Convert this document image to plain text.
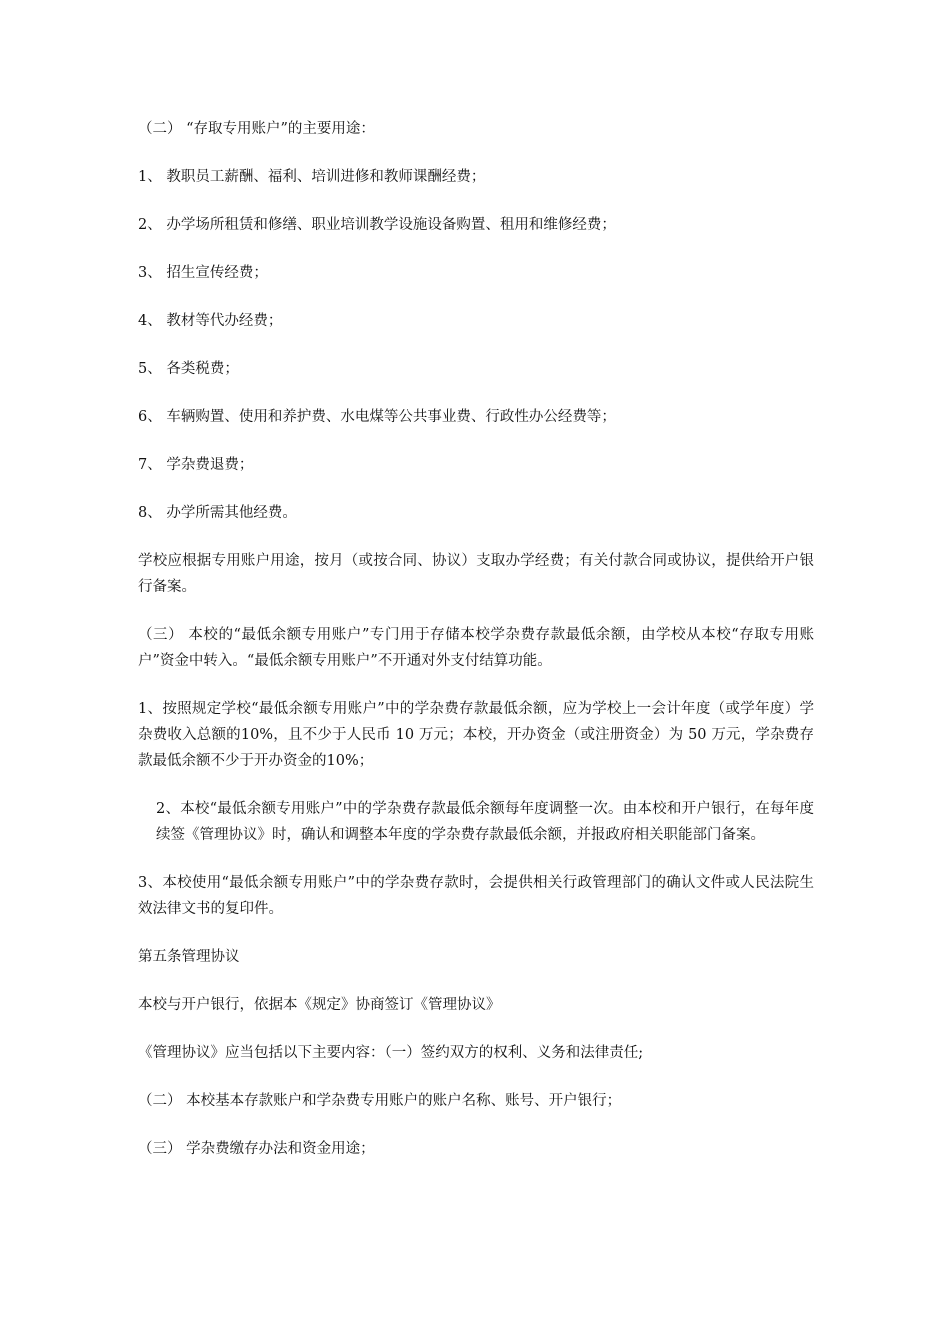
（二） “存取专用账户”的主要用途：

1、 教职员工薪酬、福利、培训进修和教师课酬经费；

2、 办学场所租赁和修缮、职业培训教学设施设备购置、租用和维修经费；

3、 招生宣传经费；

4、 教材等代办经费；

5、 各类税费；

6、 车辆购置、使用和养护费、水电煤等公共事业费、行政性办公经费等；

7、 学杂费退费；

8、 办学所需其他经费。

学校应根据专用账户用途，按月（或按合同、协议）支取办学经费；有关付款合同或协议，提供给开户银行备案。

（三） 本校的“最低余额专用账户”专门用于存储本校学杂费存款最低余额，由学校从本校“存取专用账户”资金中转入。“最低余额专用账户”不开通对外支付结算功能。

1、按照规定学校“最低余额专用账户”中的学杂费存款最低余额，应为学校上一会计年度（或学年度）学杂费收入总额的10%，且不少于人民币 10 万元；本校，开办资金（或注册资金）为 50 万元，学杂费存款最低余额不少于开办资金的10%；

2、本校“最低余额专用账户”中的学杂费存款最低余额每年度调整一次。由本校和开户银行，在每年度续签《管理协议》时，确认和调整本年度的学杂费存款最低余额，并报政府相关职能部门备案。

3、本校使用“最低余额专用账户”中的学杂费存款时，会提供相关行政管理部门的确认文件或人民法院生效法律文书的复印件。

第五条管理协议

本校与开户银行，依据本《规定》协商签订《管理协议》

《管理协议》应当包括以下主要内容：（一）签约双方的权利、义务和法律责任;

（二） 本校基本存款账户和学杂费专用账户的账户名称、账号、开户银行；

（三） 学杂费缴存办法和资金用途；
